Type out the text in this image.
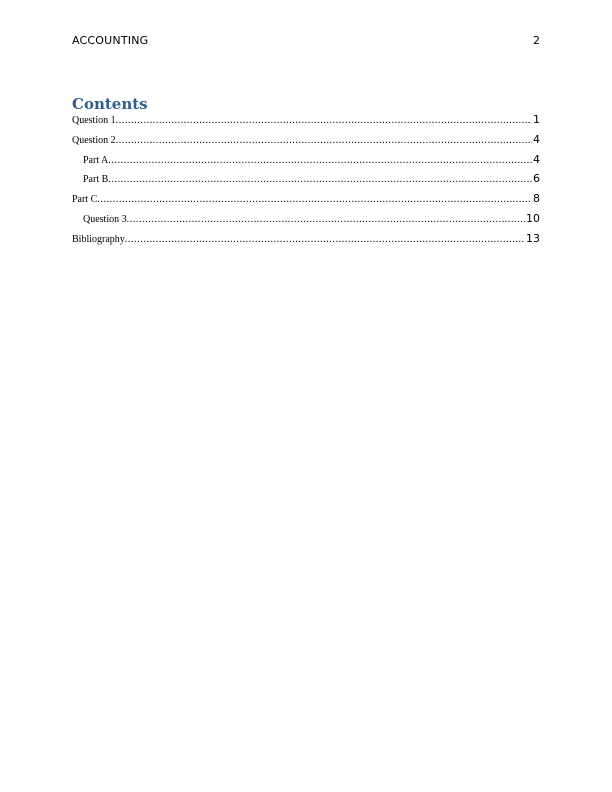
ACCOUNTING	2
Contents
Question 1 .....	1
Question 2 .....	4
Part A .....	4
Part B .....	6
Part C .....	8
Question 3 .....	10
Bibliography .....	13
